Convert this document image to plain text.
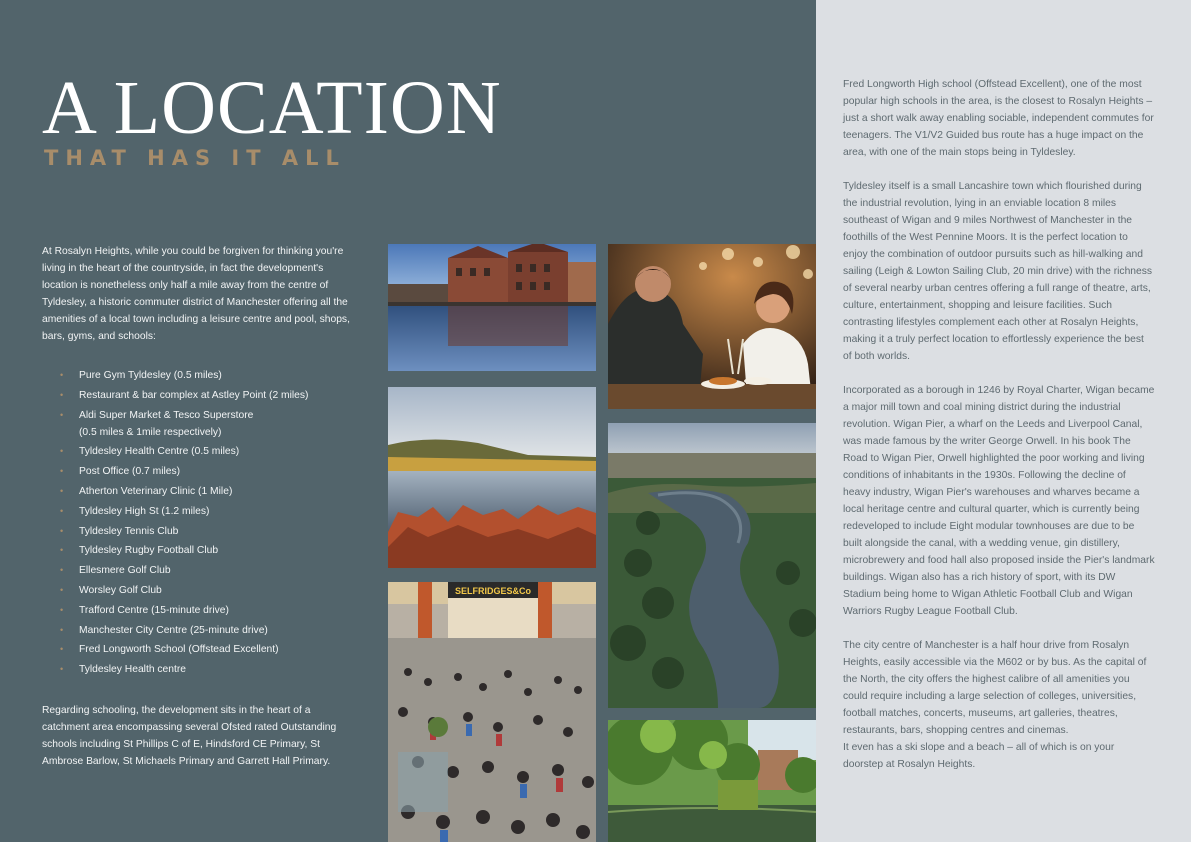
A LOCATION
THAT HAS IT ALL

At Rosalyn Heights, while you could be forgiven for thinking you're living in the heart of the countryside, in fact the development's location is nonetheless only half a mile away from the centre of Tyldesley, a historic commuter district of Manchester offering all the amenities of a local town including a leisure centre and pool, shops, bars, gyms, and schools:

• Pure Gym Tyldesley (0.5 miles)
• Restaurant & bar complex at Astley Point (2 miles)
• Aldi Super Market & Tesco Superstore
(0.5 miles & 1mile respectively)
• Tyldesley Health Centre (0.5 miles)
• Post Office (0.7 miles)
• Atherton Veterinary Clinic (1 Mile)
• Tyldesley High St (1.2 miles)
• Tyldesley Tennis Club
• Tyldesley Rugby Football Club
• Ellesmere Golf Club
• Worsley Golf Club
• Trafford Centre (15-minute drive)
• Manchester City Centre (25-minute drive)
• Fred Longworth School (Offstead Excellent)
• Tyldesley Health centre

Regarding schooling, the development sits in the heart of a catchment area encompassing several Ofsted rated Outstanding schools including St Phillips C of E, Hindsford CE Primary, St Ambrose Barlow, St Michaels Primary and Garrett Hall Primary.

SELFRIDGES&Co

Fred Longworth High school (Offstead Excellent), one of the most popular high schools in the area, is the closest to Rosalyn Heights – just a short walk away enabling sociable, independent commutes for teenagers. The V1/V2 Guided bus route has a huge impact on the area, with one of the main stops being in Tyldesley.

Tyldesley itself is a small Lancashire town which flourished during the industrial revolution, lying in an enviable location 8 miles southeast of Wigan and 9 miles Northwest of Manchester in the foothills of the West Pennine Moors. It is the perfect location to enjoy the combination of outdoor pursuits such as hill-walking and sailing (Leigh & Lowton Sailing Club, 20 min drive) with the richness of several nearby urban centres offering a full range of theatre, arts, culture, entertainment, shopping and leisure facilities. Such contrasting lifestyles complement each other at Rosalyn Heights, making it a truly perfect location to effortlessly experience the best of both worlds.

Incorporated as a borough in 1246 by Royal Charter, Wigan became a major mill town and coal mining district during the industrial revolution. Wigan Pier, a wharf on the Leeds and Liverpool Canal, was made famous by the writer George Orwell. In his book The Road to Wigan Pier, Orwell highlighted the poor working and living conditions of inhabitants in the 1930s. Following the decline of heavy industry, Wigan Pier's warehouses and wharves became a local heritage centre and cultural quarter, which is currently being redeveloped to include Eight modular townhouses are due to be built alongside the canal, with a wedding venue, gin distillery, microbrewery and food hall also proposed inside the Pier's landmark buildings. Wigan also has a rich history of sport, with its DW Stadium being home to Wigan Athletic Football Club and Wigan Warriors Rugby League Football Club.

The city centre of Manchester is a half hour drive from Rosalyn Heights, easily accessible via the M602 or by bus. As the capital of the North, the city offers the highest calibre of all amenities you could require including a large selection of colleges, universities, football matches, concerts, museums, art galleries, theatres, restaurants, bars, shopping centres and cinemas.

It even has a ski slope and a beach – all of which is on your doorstep at Rosalyn Heights.
